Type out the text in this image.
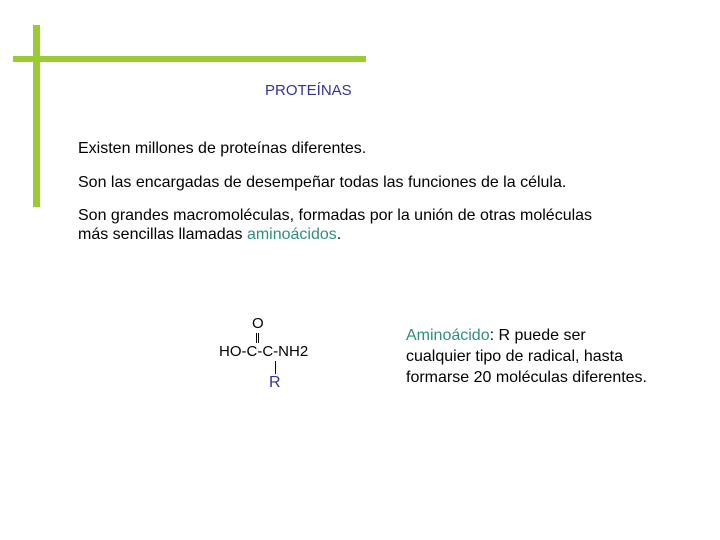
PROTEÍNAS
Existen millones de proteínas diferentes.
Son las encargadas de desempeñar todas las funciones de la célula.
Son grandes macromoléculas, formadas por la unión de otras moléculas
más sencillas llamadas aminoácidos.
O
HO-C-C-NH2
R
Aminoácido: R puede ser
cualquier tipo de radical, hasta
formarse 20 moléculas diferentes.
